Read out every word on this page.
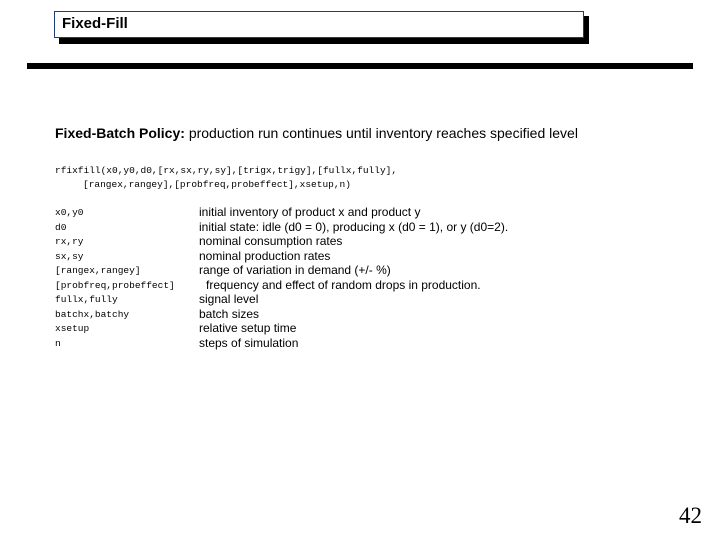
Fixed-Fill
Fixed-Batch Policy: production run continues until inventory reaches specified level
rfixfill(x0,y0,d0,[rx,sx,ry,sy],[trigx,trigy],[fullx,fully],
[rangex,rangey],[probfreq,probeffect],xsetup,n)
x0,y0	initial inventory of product x and product y
d0	initial state: idle (d0 = 0), producing x (d0 = 1), or y (d0=2).
rx,ry	nominal consumption rates
sx,sy	nominal production rates
[rangex,rangey]	range of variation in demand (+/- %)
[probfreq,probeffect]	frequency and effect of random drops in production.
fullx,fully	signal level
batchx,batchy	batch sizes
xsetup	relative setup time
n	steps of simulation
42
